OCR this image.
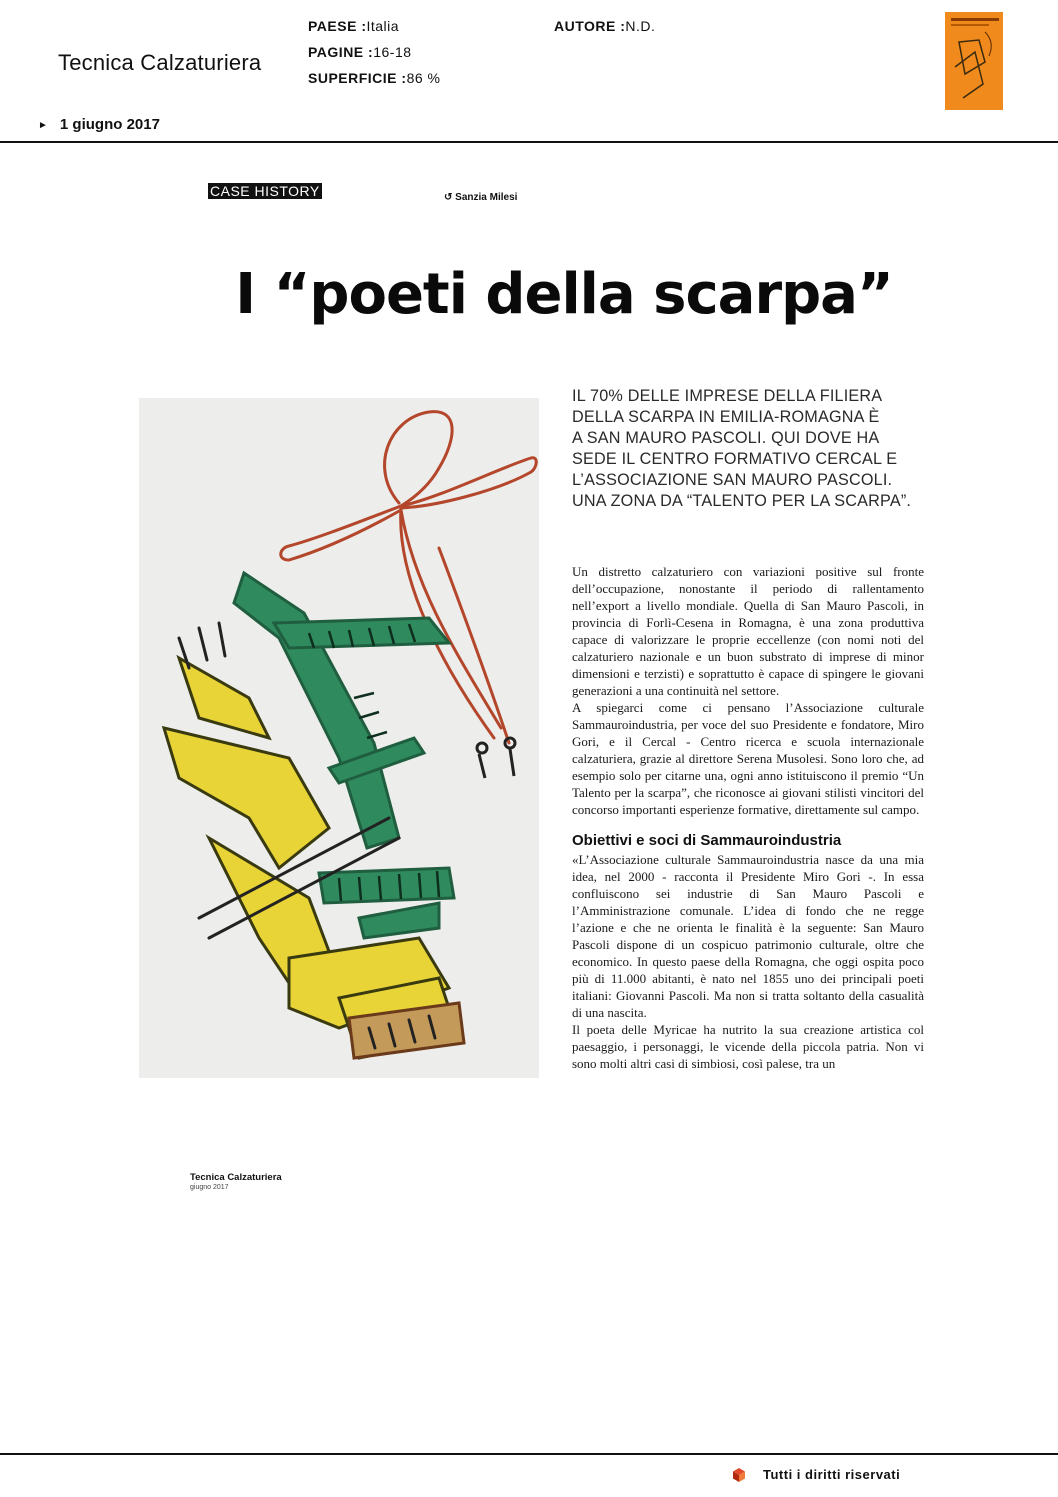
Tecnica Calzaturiera
PAESE :Italia
PAGINE :16-18
SUPERFICIE :86 %
AUTORE :N.D.
► 1 giugno 2017
CASE HISTORY	↺ Sanzia Milesi
I “poeti della scarpa”
IL 70% DELLE IMPRESE DELLA FILIERA
DELLA SCARPA IN EMILIA-ROMAGNA È
A SAN MAURO PASCOLI. QUI DOVE HA
SEDE IL CENTRO FORMATIVO CERCAL E
L’ASSOCIAZIONE SAN MAURO PASCOLI.
UNA ZONA DA “TALENTO PER LA SCARPA”.

Un distretto calzaturiero con variazioni positive sul fronte dell’occupazione, nonostante il periodo di rallentamento nell’export a livello mondiale. Quella di San Mauro Pascoli, in provincia di Forlì-Cesena in Romagna, è una zona produttiva capace di valorizzare le proprie eccellenze (con nomi noti del calzaturiero nazionale e un buon substrato di imprese di minor dimensioni e terzisti) e soprattutto è capace di spingere le giovani generazioni a una continuità nel settore.

A spiegarci come ci pensano l’Associazione culturale Sammauroindustria, per voce del suo Presidente e fondatore, Miro Gori, e il Cercal - Centro ricerca e scuola internazionale calzaturiera, grazie al direttore Serena Musolesi. Sono loro che, ad esempio solo per citarne una, ogni anno istituiscono il premio “Un Talento per la scarpa”, che riconosce ai giovani stilisti vincitori del concorso importanti esperienze formative, direttamente sul campo.

Obiettivi e soci di Sammauroindustria

«L’Associazione culturale Sammauroindustria nasce da una mia idea, nel 2000 - racconta il Presidente Miro Gori -. In essa confluiscono sei industrie di San Mauro Pascoli e l’Amministrazione comunale. L’idea di fondo che ne regge l’azione e che ne orienta le finalità è la seguente: San Mauro Pascoli dispone di un cospicuo patrimonio culturale, oltre che economico. In questo paese della Romagna, che oggi ospita poco più di 11.000 abitanti, è nato nel 1855 uno dei principali poeti italiani: Giovanni Pascoli. Ma non si tratta soltanto della casualità di una nascita.

Il poeta delle Myricae ha nutrito la sua creazione artistica col paesaggio, i personaggi, le vicende della piccola patria. Non vi sono molti altri casi di simbiosi, così palese, tra un

Tecnica Calzaturiera
giugno 2017
Tutti i diritti riservati
